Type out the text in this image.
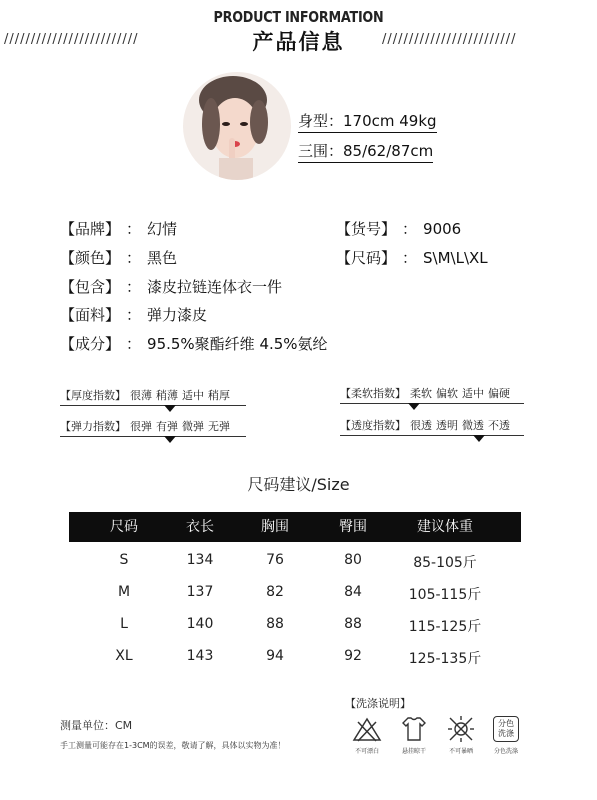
PRODUCT INFORMATION
产品信息
/////////////////////////	/////////////////////////
身型：170cm 49kg
三围：85/62/87cm
【品牌】 ： 幻情
【颜色】 ： 黑色
【包含】 ： 漆皮拉链连体衣一件
【面料】 ： 弹力漆皮
【成分】 ： 95.5%聚酯纤维 4.5%氨纶
【货号】 ： 9006
【尺码】 ： S\M\L\XL
【厚度指数】 很薄 稍薄 适中 稍厚
【弹力指数】 很弹 有弹 微弹 无弹
【柔软指数】 柔软 偏软 适中 偏硬
【透度指数】 很透 透明 微透 不透
尺码建议/Size
尺码	衣长	胸围	臀围	建议体重
S	134	76	80	85-105斤
M	137	82	84	105-115斤
L	140	88	88	115-125斤
XL	143	94	92	125-135斤
测量单位：CM
手工测量可能存在1-3CM的误差，敬请了解，具体以实物为准！
【洗涤说明】
不可漂白	悬挂晾干	不可暴晒
分色
洗涤
分色洗涤
